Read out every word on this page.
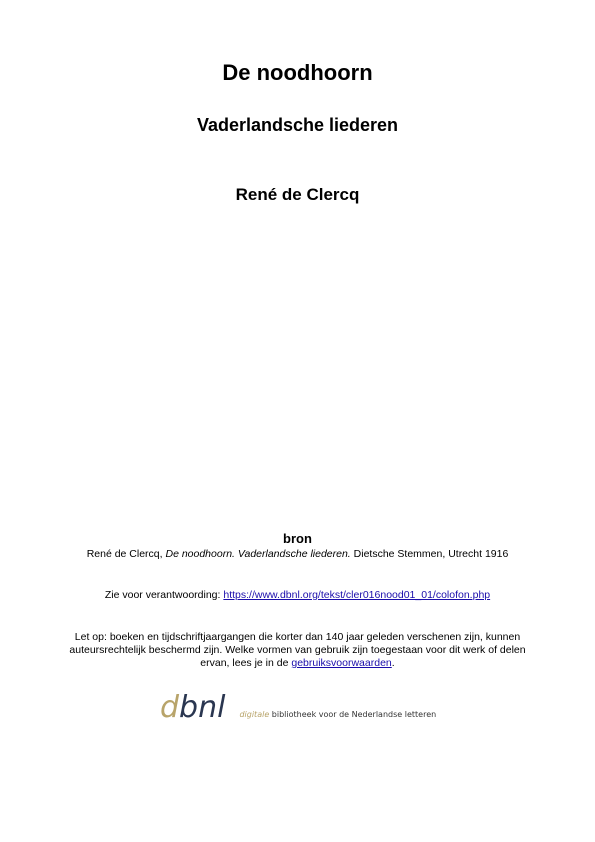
De noodhoorn
Vaderlandsche liederen
René de Clercq
bron
René de Clercq, De noodhoorn. Vaderlandsche liederen. Dietsche Stemmen, Utrecht 1916
Zie voor verantwoording: https://www.dbnl.org/tekst/cler016nood01_01/colofon.php
Let op: boeken en tijdschriftjaargangen die korter dan 140 jaar geleden verschenen zijn, kunnen auteursrechtelijk beschermd zijn. Welke vormen van gebruik zijn toegestaan voor dit werk of delen ervan, lees je in de gebruiksvoorwaarden.
d bnl digitale bibliotheek voor de Nederlandse letteren
